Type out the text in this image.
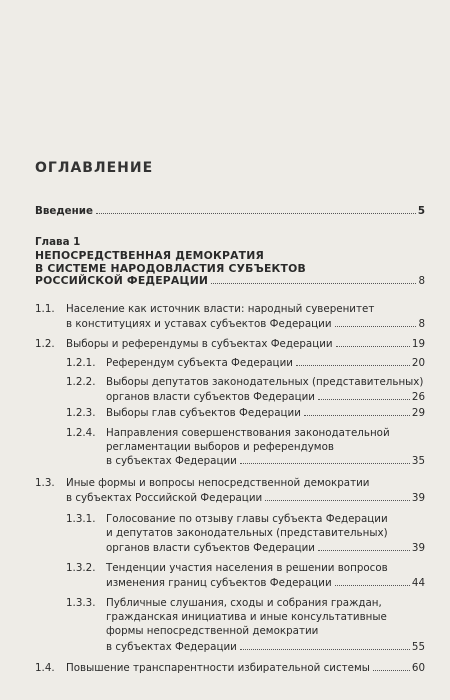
ОГЛАВЛЕНИЕ
Введение	5
Глава 1
НЕПОСРЕДСТВЕННАЯ ДЕМОКРАТИЯ
В СИСТЕМЕ НАРОДОВЛАСТИЯ СУБЪЕКТОВ
РОССИЙСКОЙ ФЕДЕРАЦИИ	8
1.1. Население как источник власти: народный суверенитет
в конституциях и уставах субъектов Федерации	8
1.2. Выборы и референдумы в субъектах Федерации	19
1.2.1. Референдум субъекта Федерации	20
1.2.2. Выборы депутатов законодательных (представительных)
органов власти субъектов Федерации	26
1.2.3. Выборы глав субъектов Федерации	29
1.2.4. Направления совершенствования законодательной
регламентации выборов и референдумов
в субъектах Федерации	35
1.3. Иные формы и вопросы непосредственной демократии
в субъектах Российской Федерации	39
1.3.1. Голосование по отзыву главы субъекта Федерации
и депутатов законодательных (представительных)
органов власти субъектов Федерации	39
1.3.2. Тенденции участия населения в решении вопросов
изменения границ субъектов Федерации	44
1.3.3. Публичные слушания, сходы и собрания граждан,
гражданская инициатива и иные консультативные
формы непосредственной демократии
в субъектах Федерации	55
1.4. Повышение транспарентности избирательной системы	60
